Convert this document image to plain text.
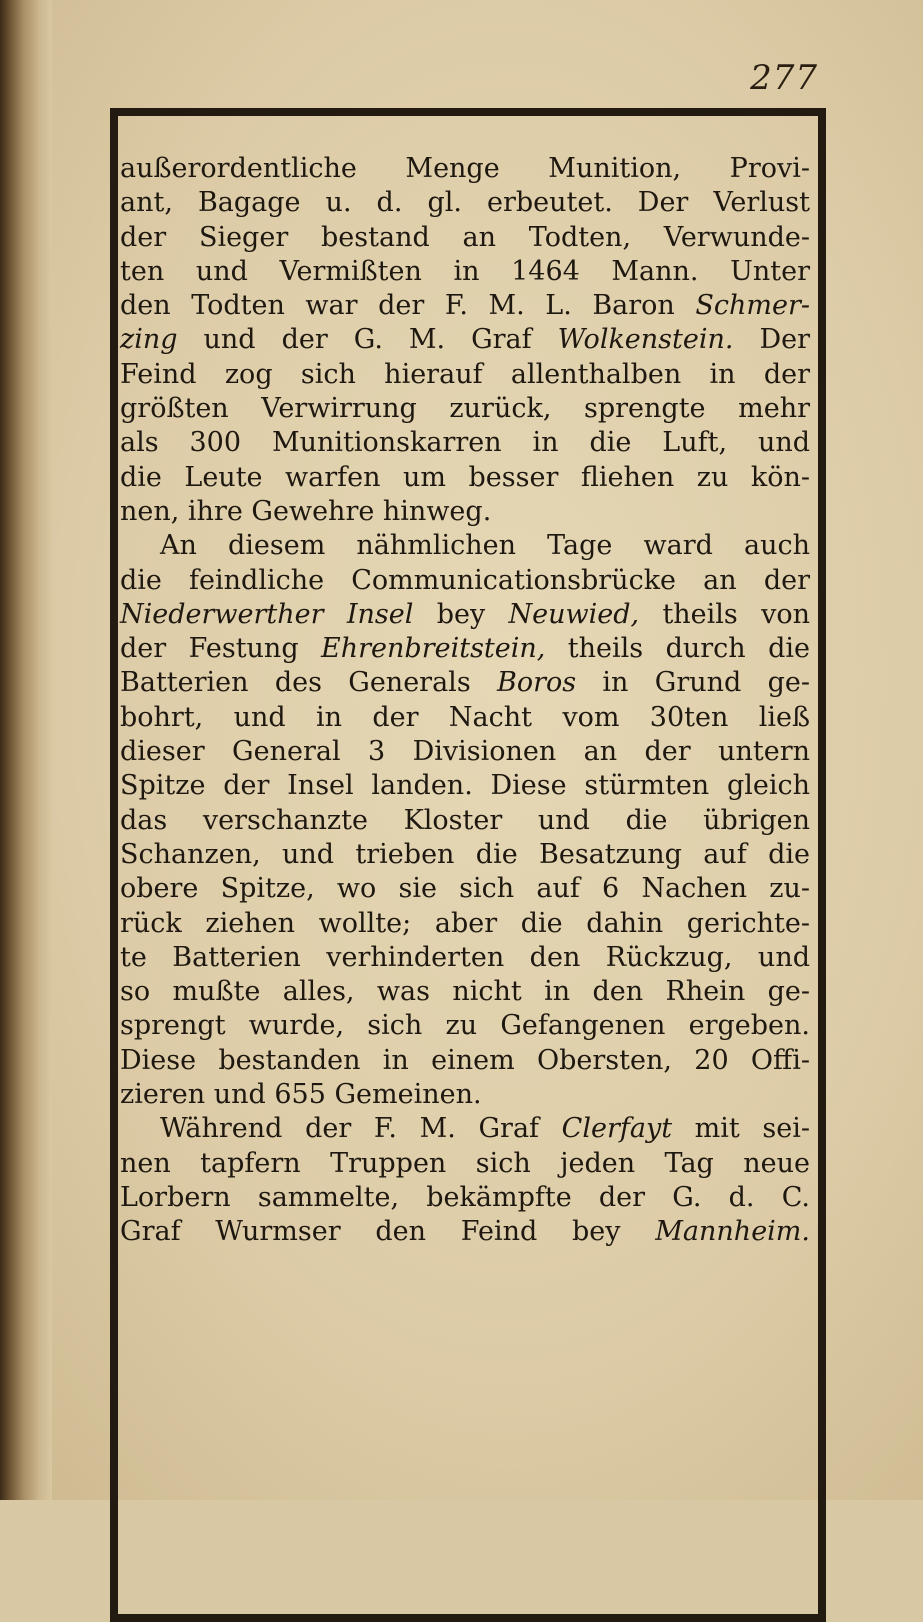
277
außerordentliche Menge Munition, Provi-
ant, Bagage u. d. gl. erbeutet. Der Verlust
der Sieger bestand an Todten, Verwunde-
ten und Vermißten in 1464 Mann. Unter
den Todten war der F. M. L. Baron Schmer-
zing und der G. M. Graf Wolkenstein. Der
Feind zog sich hierauf allenthalben in der
größten Verwirrung zurück, sprengte mehr
als 300 Munitionskarren in die Luft, und
die Leute warfen um besser fliehen zu kön-
nen, ihre Gewehre hinweg.
An diesem nähmlichen Tage ward auch
die feindliche Communicationsbrücke an der
Niederwerther Insel bey Neuwied, theils von
der Festung Ehrenbreitstein, theils durch die
Batterien des Generals Boros in Grund ge-
bohrt, und in der Nacht vom 30ten ließ
dieser General 3 Divisionen an der untern
Spitze der Insel landen. Diese stürmten gleich
das verschanzte Kloster und die übrigen
Schanzen, und trieben die Besatzung auf die
obere Spitze, wo sie sich auf 6 Nachen zu-
rück ziehen wollte; aber die dahin gerichte-
te Batterien verhinderten den Rückzug, und
so mußte alles, was nicht in den Rhein ge-
sprengt wurde, sich zu Gefangenen ergeben.
Diese bestanden in einem Obersten, 20 Offi-
zieren und 655 Gemeinen.
Während der F. M. Graf Clerfayt mit sei-
nen tapfern Truppen sich jeden Tag neue
Lorbern sammelte, bekämpfte der G. d. C.
Graf Wurmser den Feind bey Mannheim.
